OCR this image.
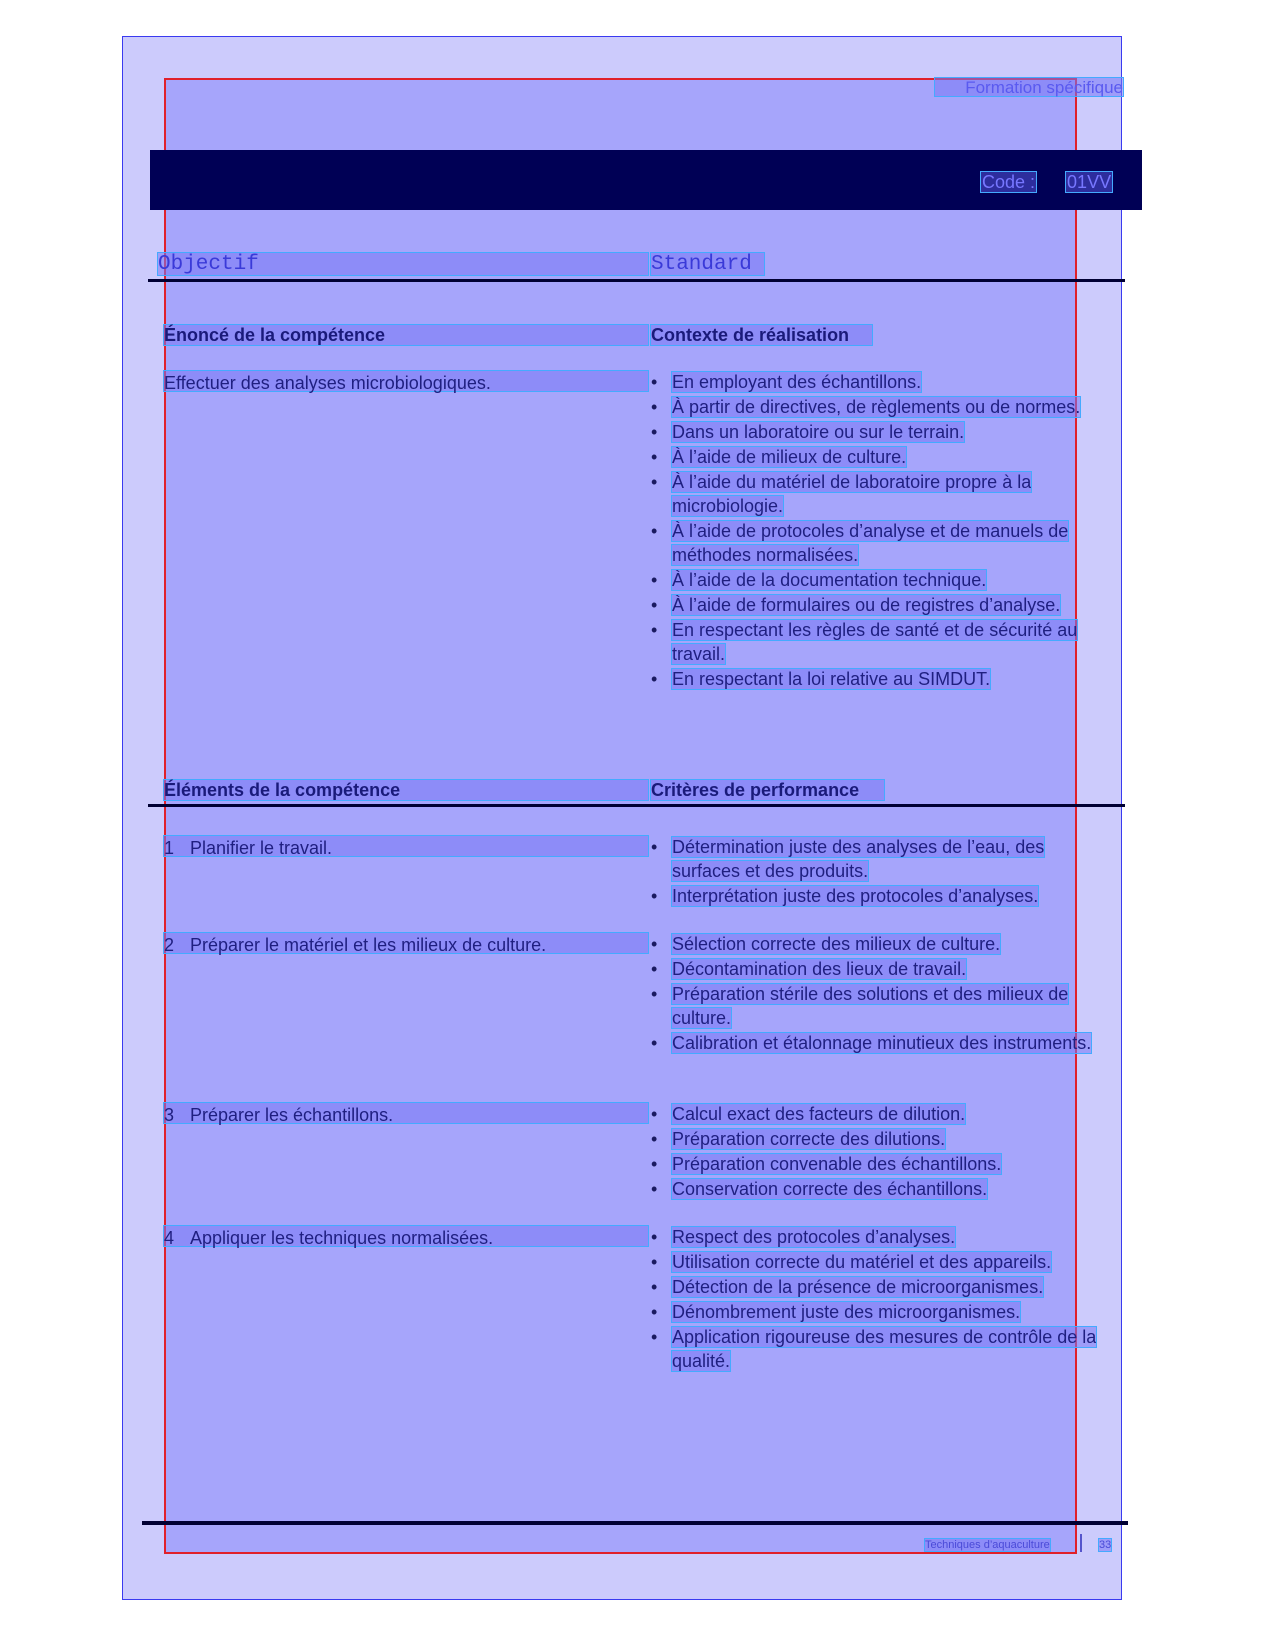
Formation spécifique
Code : 01VV
Objectif	Standard
Énoncé de la compétence	Contexte de réalisation
Effectuer des analyses microbiologiques.	• En employant des échantillons.
• À partir de directives, de règlements ou de normes.
• Dans un laboratoire ou sur le terrain.
• À l’aide de milieux de culture.
• À l’aide du matériel de laboratoire propre à la microbiologie.
• À l’aide de protocoles d’analyse et de manuels de méthodes normalisées.
• À l’aide de la documentation technique.
• À l’aide de formulaires ou de registres d’analyse.
• En respectant les règles de santé et de sécurité au travail.
• En respectant la loi relative au SIMDUT.
Éléments de la compétence	Critères de performance
1 Planifier le travail.	• Détermination juste des analyses de l’eau, des surfaces et des produits.
• Interprétation juste des protocoles d’analyses.
2 Préparer le matériel et les milieux de culture.	• Sélection correcte des milieux de culture.
• Décontamination des lieux de travail.
• Préparation stérile des solutions et des milieux de culture.
• Calibration et étalonnage minutieux des instruments.
3 Préparer les échantillons.	• Calcul exact des facteurs de dilution.
• Préparation correcte des dilutions.
• Préparation convenable des échantillons.
• Conservation correcte des échantillons.
4 Appliquer les techniques normalisées.	• Respect des protocoles d’analyses.
• Utilisation correcte du matériel et des appareils.
• Détection de la présence de microorganismes.
• Dénombrement juste des microorganismes.
• Application rigoureuse des mesures de contrôle de la qualité.
Techniques d’aquaculture	33
